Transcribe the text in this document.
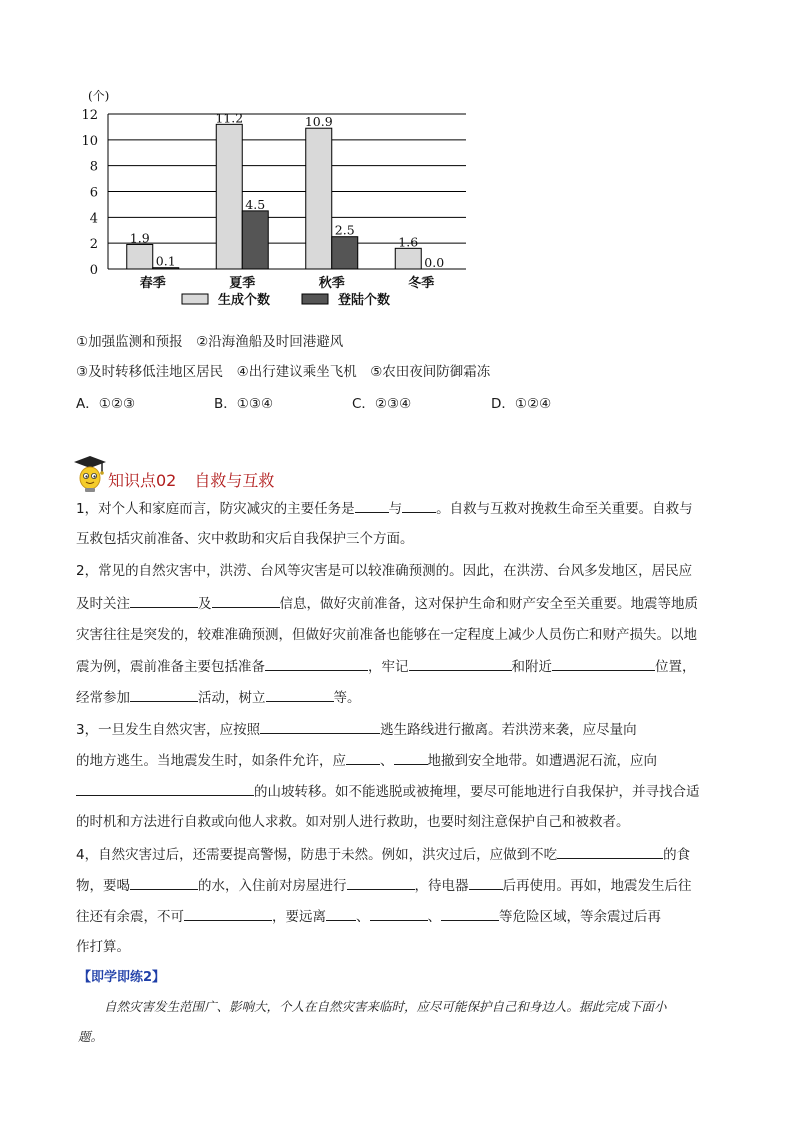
0
2
4
6
8
10
12
(个)
1.9
0.1
春季
11.2
4.5
夏季
10.9
2.5
秋季
1.6
0.0
冬季
生成个数	登陆个数
①加强监测和预报　②沿海渔船及时回港避风
③及时转移低洼地区居民　④出行建议乘坐飞机　⑤农田夜间防御霜冻
A．①②③	B．①③④	C．②③④	D．①②④
知识点02 自救与互救

1，对个人和家庭而言，防灾减灾的主要任务是	与	。自救与互救对挽救生命至关重要。自救与

互救包括灾前准备、灾中救助和灾后自我保护三个方面。

2，常见的自然灾害中，洪涝、台风等灾害是可以较准确预测的。因此，在洪涝、台风多发地区，居民应

及时关注	及	信息，做好灾前准备，这对保护生命和财产安全至关重要。地震等地质

灾害往往是突发的，较难准确预测，但做好灾前准备也能够在一定程度上减少人员伤亡和财产损失。以地

震为例，震前准备主要包括准备	，牢记	和附近	位置，

经常参加	活动，树立	等。

3，一旦发生自然灾害，应按照	逃生路线进行撤离。若洪涝来袭，应尽量向

的地方逃生。当地震发生时，如条件允许，应	、	地撤到安全地带。如遭遇泥石流，应向

的山坡转移。如不能逃脱或被掩埋，要尽可能地进行自我保护，并寻找合适

的时机和方法进行自救或向他人求救。如对别人进行救助，也要时刻注意保护自己和被救者。

4，自然灾害过后，还需要提高警惕，防患于未然。例如，洪灾过后，应做到不吃	的食

物，要喝	的水，入住前对房屋进行	，待电器	后再使用。再如，地震发生后往

往还有余震，不可	，要远离 、	、	等危险区域，等余震过后再

作打算。

【即学即练2】

自然灾害发生范围广、影响大，个人在自然灾害来临时，应尽可能保护自己和身边人。据此完成下面小

题。
